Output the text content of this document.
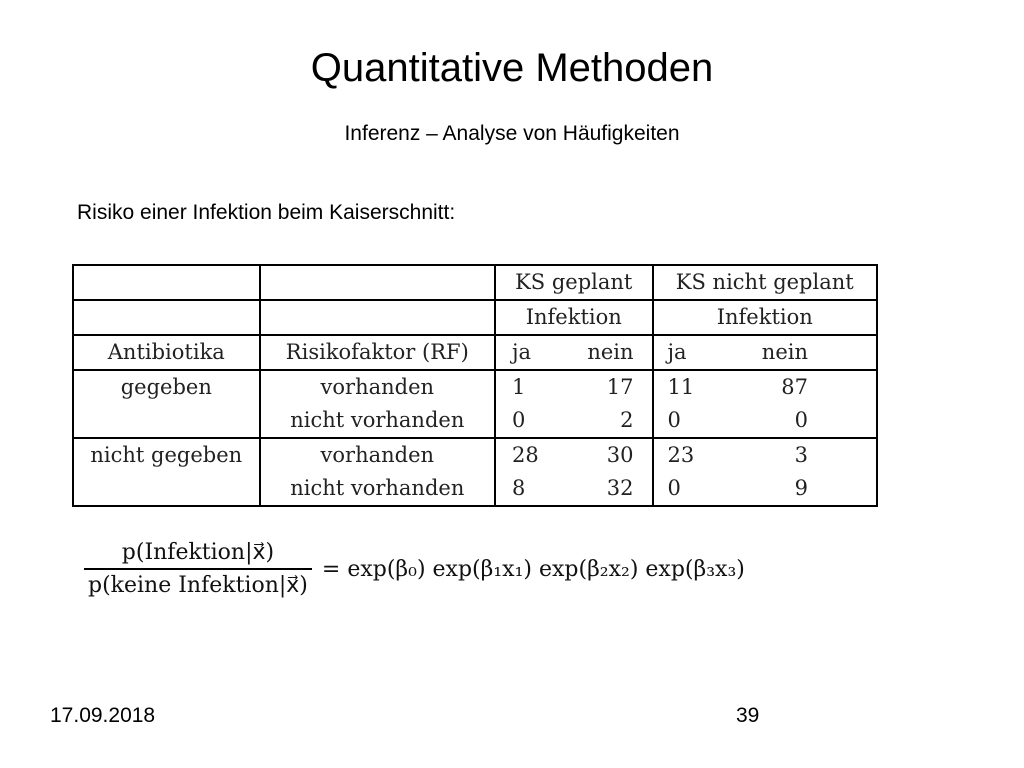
Quantitative Methoden
Inferenz – Analyse von Häufigkeiten
Risiko einer Infektion beim Kaiserschnitt:
		KS geplant		KS nicht geplant	
		Infektion		Infektion	
Antibiotika	Risikofaktor (RF)	ja	nein	ja	nein
gegeben	vorhanden	1	17	11	87
	nicht vorhanden	0	2	0	0
nicht gegeben	vorhanden	28	30	23	3
	nicht vorhanden	8	32	0	9
$\frac{\text{p(Infektion|x⃗)}}{\text{p(keine Infektion|x⃗)}} = \exp(\beta_0)$ exp(β₁x₁) exp(β₂x₂) exp(β₃x₃)
17.09.2018	39
